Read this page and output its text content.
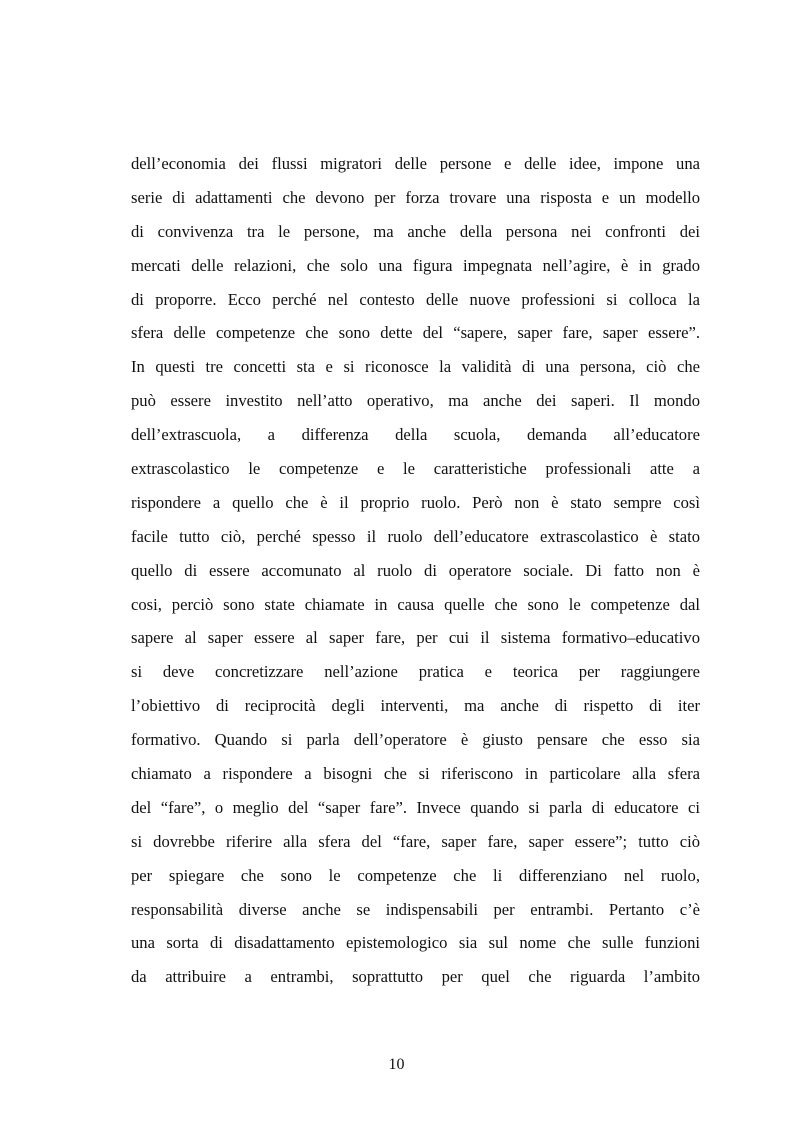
dell’economia dei flussi migratori delle persone e delle idee, impone una
serie di adattamenti che devono per forza trovare una risposta e un modello
di convivenza tra le persone, ma anche della persona nei confronti dei
mercati delle relazioni, che solo una figura impegnata nell’agire, è in grado
di proporre. Ecco perché nel contesto delle nuove professioni si colloca la
sfera delle competenze che sono dette del “sapere, saper fare, saper essere”.
In questi tre concetti sta e si riconosce la validità di una persona, ciò che
può essere investito nell’atto operativo, ma anche dei saperi. Il mondo
dell’extrascuola, a differenza della scuola, demanda all’educatore
extrascolastico le competenze e le caratteristiche professionali atte a
rispondere a quello che è il proprio ruolo. Però non è stato sempre così
facile tutto ciò, perché spesso il ruolo dell’educatore extrascolastico è stato
quello di essere accomunato al ruolo di operatore sociale. Di fatto non è
cosi, perciò sono state chiamate in causa quelle che sono le competenze dal
sapere al saper essere al saper fare, per cui il sistema formativo–educativo
si deve concretizzare nell’azione pratica e teorica per raggiungere
l’obiettivo di reciprocità degli interventi, ma anche di rispetto di iter
formativo. Quando si parla dell’operatore è giusto pensare che esso sia
chiamato a rispondere a bisogni che si riferiscono in particolare alla sfera
del “fare”, o meglio del “saper fare”. Invece quando si parla di educatore ci
si dovrebbe riferire alla sfera del “fare, saper fare, saper essere”; tutto ciò
per spiegare che sono le competenze che li differenziano nel ruolo,
responsabilità diverse anche se indispensabili per entrambi. Pertanto c’è
una sorta di disadattamento epistemologico sia sul nome che sulle funzioni
da attribuire a entrambi, soprattutto per quel che riguarda l’ambito
10
